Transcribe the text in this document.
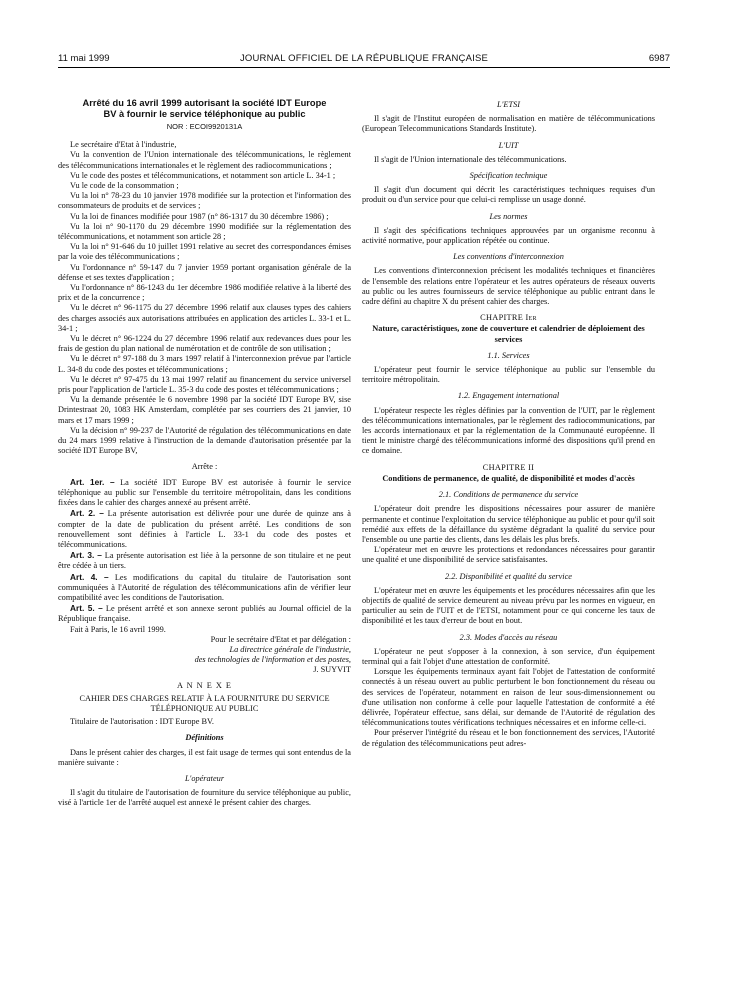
11 mai 1999	JOURNAL OFFICIEL DE LA RÉPUBLIQUE FRANÇAISE	6987

Arrêté du 16 avril 1999 autorisant la société IDT Europe BV à fournir le service téléphonique au public

NOR : ECOI9920131A

Le secrétaire d'Etat à l'industrie,

Vu la convention de l'Union internationale des télécommunications, le règlement des télécommunications internationales et le règlement des radiocommunications ;

Vu le code des postes et télécommunications, et notamment son article L. 34-1 ;

Vu le code de la consommation ;

Vu la loi n° 78-23 du 10 janvier 1978 modifiée sur la protection et l'information des consommateurs de produits et de services ;

Vu la loi de finances modifiée pour 1987 (n° 86-1317 du 30 décembre 1986) ;

Vu la loi n° 90-1170 du 29 décembre 1990 modifiée sur la réglementation des télécommunications, et notamment son article 28 ;

Vu la loi n° 91-646 du 10 juillet 1991 relative au secret des correspondances émises par la voie des télécommunications ;

Vu l'ordonnance n° 59-147 du 7 janvier 1959 portant organisation générale de la défense et ses textes d'application ;

Vu l'ordonnance n° 86-1243 du 1er décembre 1986 modifiée relative à la liberté des prix et de la concurrence ;

Vu le décret n° 96-1175 du 27 décembre 1996 relatif aux clauses types des cahiers des charges associés aux autorisations attribuées en application des articles L. 33-1 et L. 34-1 ;

Vu le décret n° 96-1224 du 27 décembre 1996 relatif aux redevances dues pour les frais de gestion du plan national de numérotation et de contrôle de son utilisation ;

Vu le décret n° 97-188 du 3 mars 1997 relatif à l'interconnexion prévue par l'article L. 34-8 du code des postes et télécommunications ;

Vu le décret n° 97-475 du 13 mai 1997 relatif au financement du service universel pris pour l'application de l'article L. 35-3 du code des postes et télécommunications ;

Vu la demande présentée le 6 novembre 1998 par la société IDT Europe BV, sise Drintestraat 20, 1083 HK Amsterdam, complétée par ses courriers des 21 janvier, 10 mars et 17 mars 1999 ;

Vu la décision n° 99-237 de l'Autorité de régulation des télécommunications en date du 24 mars 1999 relative à l'instruction de la demande d'autorisation présentée par la société IDT Europe BV,

Arrête :

Art. 1er. – La société IDT Europe BV est autorisée à fournir le service téléphonique au public sur l'ensemble du territoire métropolitain, dans les conditions fixées dans le cahier des charges annexé au présent arrêté.

Art. 2. – La présente autorisation est délivrée pour une durée de quinze ans à compter de la date de publication du présent arrêté. Les conditions de son renouvellement sont définies à l'article L. 33-1 du code des postes et télécommunications.

Art. 3. – La présente autorisation est liée à la personne de son titulaire et ne peut être cédée à un tiers.

Art. 4. – Les modifications du capital du titulaire de l'autorisation sont communiquées à l'Autorité de régulation des télécommunications afin de vérifier leur compatibilité avec les conditions de l'autorisation.

Art. 5. – Le présent arrêté et son annexe seront publiés au Journal officiel de la République française.

Fait à Paris, le 16 avril 1999.

Pour le secrétaire d'Etat et par délégation :

La directrice générale de l'industrie,

des technologies de l'information et des postes,

J. SUYVIT

A N N E X E

CAHIER DES CHARGES RELATIF À LA FOURNITURE DU SERVICE TÉLÉPHONIQUE AU PUBLIC

Titulaire de l'autorisation : IDT Europe BV.

Définitions

Dans le présent cahier des charges, il est fait usage de termes qui sont entendus de la manière suivante :

L'opérateur

Il s'agit du titulaire de l'autorisation de fourniture du service téléphonique au public, visé à l'article 1er de l'arrêté auquel est annexé le présent cahier des charges.

L'ETSI

Il s'agit de l'Institut européen de normalisation en matière de télécommunications (European Telecommunications Standards Institute).

L'UIT

Il s'agit de l'Union internationale des télécommunications.

Spécification technique

Il s'agit d'un document qui décrit les caractéristiques techniques requises d'un produit ou d'un service pour que celui-ci remplisse un usage donné.

Les normes

Il s'agit des spécifications techniques approuvées par un organisme reconnu à activité normative, pour application répétée ou continue.

Les conventions d'interconnexion

Les conventions d'interconnexion précisent les modalités techniques et financières de l'ensemble des relations entre l'opérateur et les autres opérateurs de réseaux ouverts au public ou les autres fournisseurs de service téléphonique au public entrant dans le cadre défini au chapitre X du présent cahier des charges.

CHAPITRE Ier

Nature, caractéristiques, zone de couverture et calendrier de déploiement des services

1.1. Services

L'opérateur peut fournir le service téléphonique au public sur l'ensemble du territoire métropolitain.

1.2. Engagement international

L'opérateur respecte les règles définies par la convention de l'UIT, par le règlement des télécommunications internationales, par le règlement des radiocommunications, par les accords internationaux et par la réglementation de la Communauté européenne. Il tient le ministre chargé des télécommunications informé des dispositions qu'il prend en ce domaine.

CHAPITRE II

Conditions de permanence, de qualité, de disponibilité et modes d'accès

2.1. Conditions de permanence du service

L'opérateur doit prendre les dispositions nécessaires pour assurer de manière permanente et continue l'exploitation du service téléphonique au public et pour qu'il soit remédié aux effets de la défaillance du système dégradant la qualité du service pour l'ensemble ou une partie des clients, dans les délais les plus brefs.

L'opérateur met en œuvre les protections et redondances nécessaires pour garantir une qualité et une disponibilité de service satisfaisantes.

2.2. Disponibilité et qualité du service

L'opérateur met en œuvre les équipements et les procédures nécessaires afin que les objectifs de qualité de service demeurent au niveau prévu par les normes en vigueur, en particulier au sein de l'UIT et de l'ETSI, notamment pour ce qui concerne les taux de disponibilité et les taux d'erreur de bout en bout.

2.3. Modes d'accès au réseau

L'opérateur ne peut s'opposer à la connexion, à son service, d'un équipement terminal qui a fait l'objet d'une attestation de conformité.

Lorsque les équipements terminaux ayant fait l'objet de l'attestation de conformité connectés à un réseau ouvert au public perturbent le bon fonctionnement du réseau ou des services de l'opérateur, notamment en raison de leur sous-dimensionnement ou d'une utilisation non conforme à celle pour laquelle l'attestation de conformité a été délivrée, l'opérateur effectue, sans délai, sur demande de l'Autorité de régulation des télécommunications toutes vérifications techniques nécessaires et en informe celle-ci.

Pour préserver l'intégrité du réseau et le bon fonctionnement des services, l'Autorité de régulation des télécommunications peut adres-
